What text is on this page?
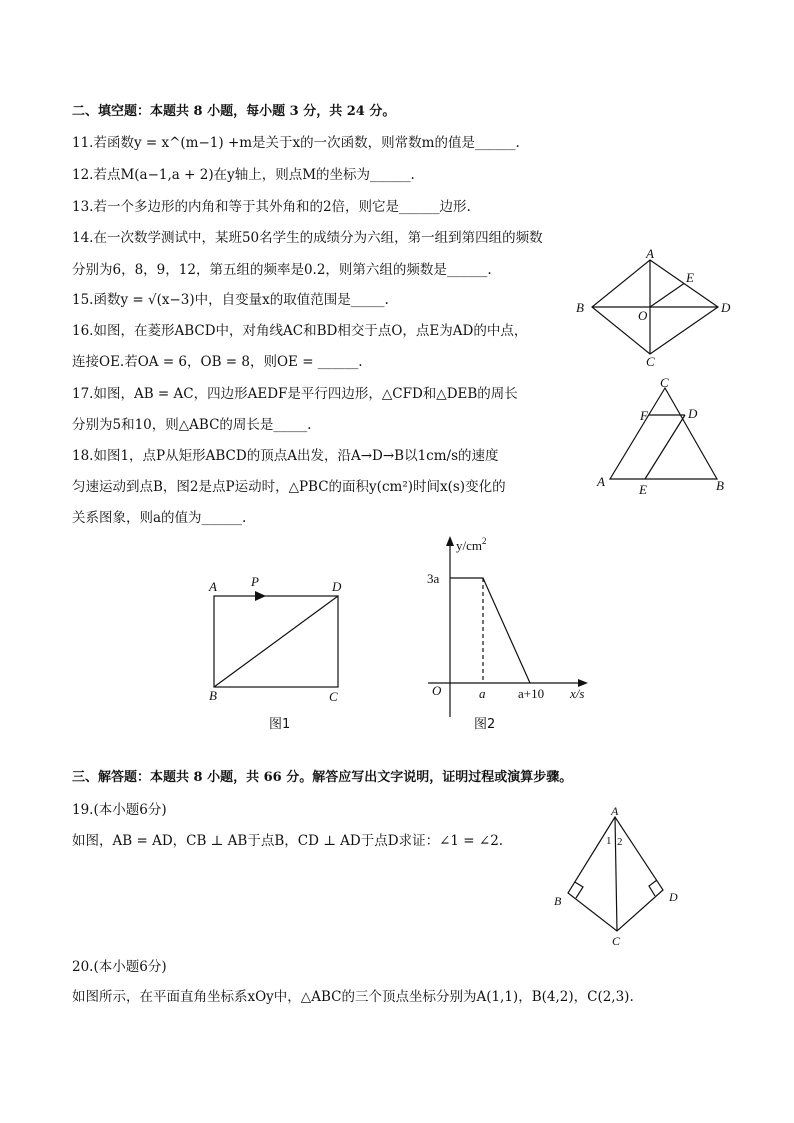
二、填空题：本题共 8 小题，每小题 3 分，共 24 分。
11.若函数y = x^(m−1) +m是关于x的一次函数，则常数m的值是______.
12.若点M(a−1,a + 2)在y轴上，则点M的坐标为______.
13.若一个多边形的内角和等于其外角和的2倍，则它是______边形.
14.在一次数学测试中，某班50名学生的成绩分为六组，第一组到第四组的频数
分别为6，8，9，12，第五组的频率是0.2，则第六组的频数是______.
15.函数y = √(x−3)中，自变量x的取值范围是_____.
16.如图，在菱形ABCD中，对角线AC和BD相交于点O，点E为AD的中点，
连接OE.若OA = 6，OB = 8，则OE = ______.
17.如图，AB = AC，四边形AEDF是平行四边形，△CFD和△DEB的周长
分别为5和10，则△ABC的周长是_____.
18.如图1，点P从矩形ABCD的顶点A出发，沿A→D→B以1cm/s的速度
匀速运动到点B，图2是点P运动时，△PBC的面积y(cm²)时间x(s)变化的
关系图象，则a的值为______.
A
B
C
D
E
O
C
F	D
A
E	B
A	P	D
B	C
图1
$y/cm^2$
3a
O	a	a+10 x/s
图2
三、解答题：本题共 8 小题，共 66 分。解答应写出文字说明，证明过程或演算步骤。
19.(本小题6分)
如图，AB = AD，CB ⊥ AB于点B，CD ⊥ AD于点D求证：∠1 = ∠2.
A
1 2
B	D
C
20.(本小题6分)
如图所示，在平面直角坐标系xOy中，△ABC的三个顶点坐标分别为A(1,1)，B(4,2)，C(2,3).
